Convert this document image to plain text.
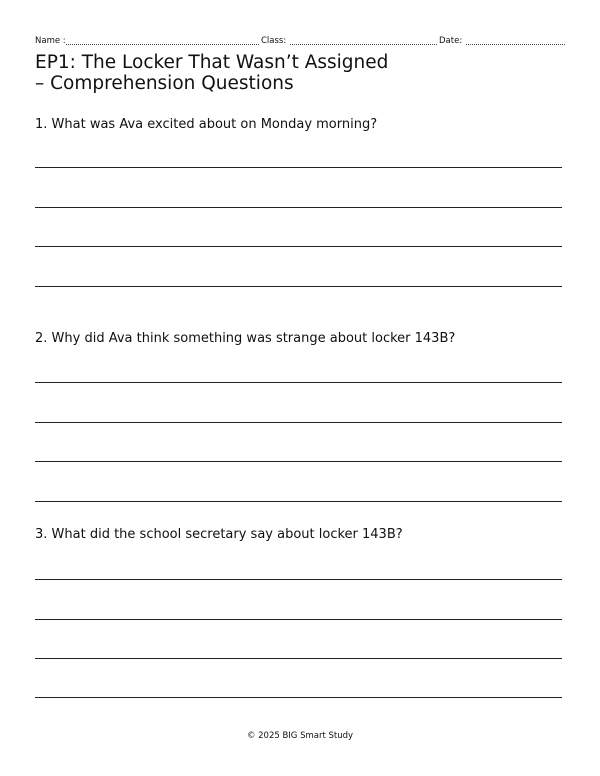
Name :	Class:	Date:
EP1: The Locker That Wasn’t Assigned
– Comprehension Questions

1. What was Ava excited about on Monday morning?

2. Why did Ava think something was strange about locker 143B?

3. What did the school secretary say about locker 143B?

© 2025 BIG Smart Study
